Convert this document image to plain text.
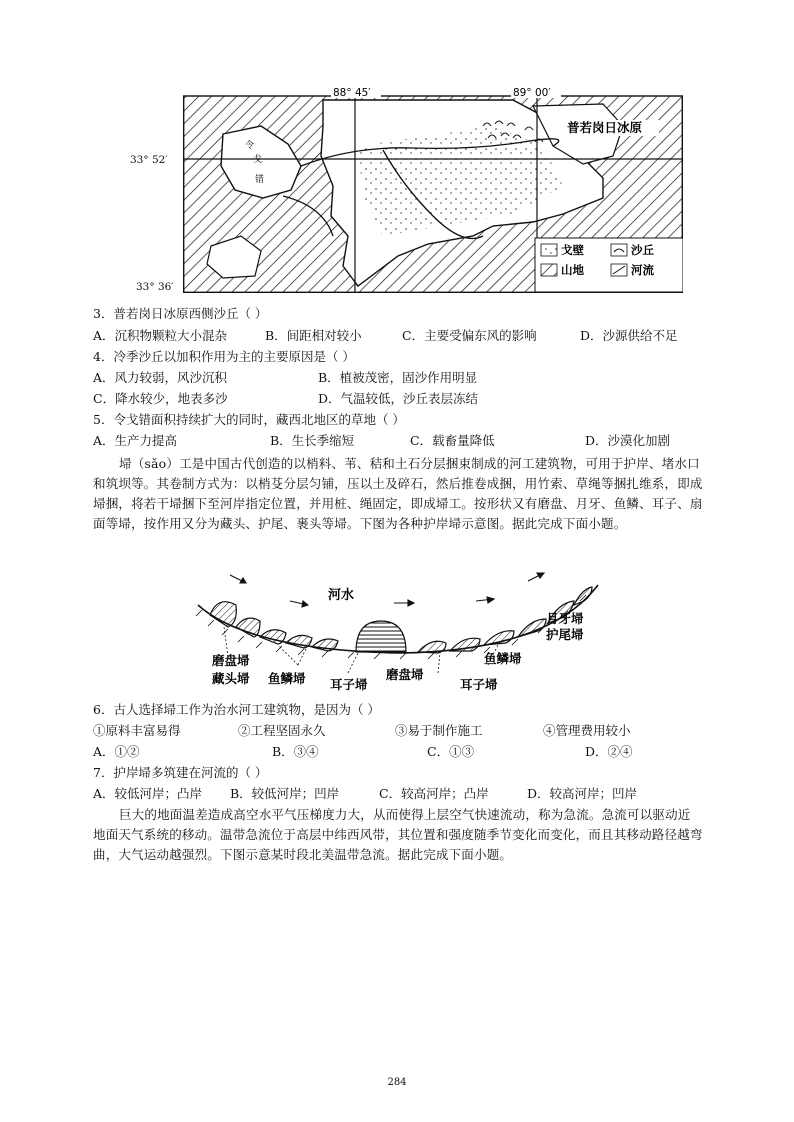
88° 45′	89° 00′
普若岗日冰原
令
戈
错
戈壁	沙丘
山地	河流
33° 52′
33° 36′
3．普若岗日冰原西侧沙丘（ ）
A．沉积物颗粒大小混杂	B．间距相对较小	C．主要受偏东风的影响	D．沙源供给不足
4．冷季沙丘以加积作用为主的主要原因是（ ）
A．风力较弱，风沙沉积	B．植被茂密，固沙作用明显
C．降水较少，地表多沙	D．气温较低，沙丘表层冻结
5．令戈错面积持续扩大的同时，藏西北地区的草地（ ）
A．生产力提高	B．生长季缩短	C．载畜量降低	D．沙漠化加剧
埽（sǎo）工是中国古代创造的以梢料、苇、秸和土石分层捆束制成的河工建筑物，可用于护岸、堵水口和筑坝等。其卷制方式为：以梢芟分层匀铺，压以土及碎石，然后推卷成捆，用竹索、草绳等捆扎维系，即成埽捆，将若干埽捆下至河岸指定位置，并用桩、绳固定，即成埽工。按形状又有磨盘、月牙、鱼鳞、耳子、扇面等埽，按作用又分为藏头、护尾、裹头等埽。下图为各种护岸埽示意图。据此完成下面小题。
河水
月牙埽
护尾埽
磨盘埽
藏头埽 鱼鳞埽 耳子埽
磨盘埽
耳子埽
鱼鳞埽
6．古人选择埽工作为治水河工建筑物，是因为（ ）
①原料丰富易得	②工程坚固永久	③易于制作施工	④管理费用较小
A．①②	B．③④	C．①③	D．②④
7．护岸埽多筑建在河流的（ ）
A．较低河岸；凸岸 B．较低河岸；凹岸	C．较高河岸；凸岸	D．较高河岸；凹岸
巨大的地面温差造成高空水平气压梯度力大，从而使得上层空气快速流动，称为急流。急流可以驱动近地面天气系统的移动。温带急流位于高层中纬西风带，其位置和强度随季节变化而变化，而且其移动路径越弯曲，大气运动越强烈。下图示意某时段北美温带急流。据此完成下面小题。
284
